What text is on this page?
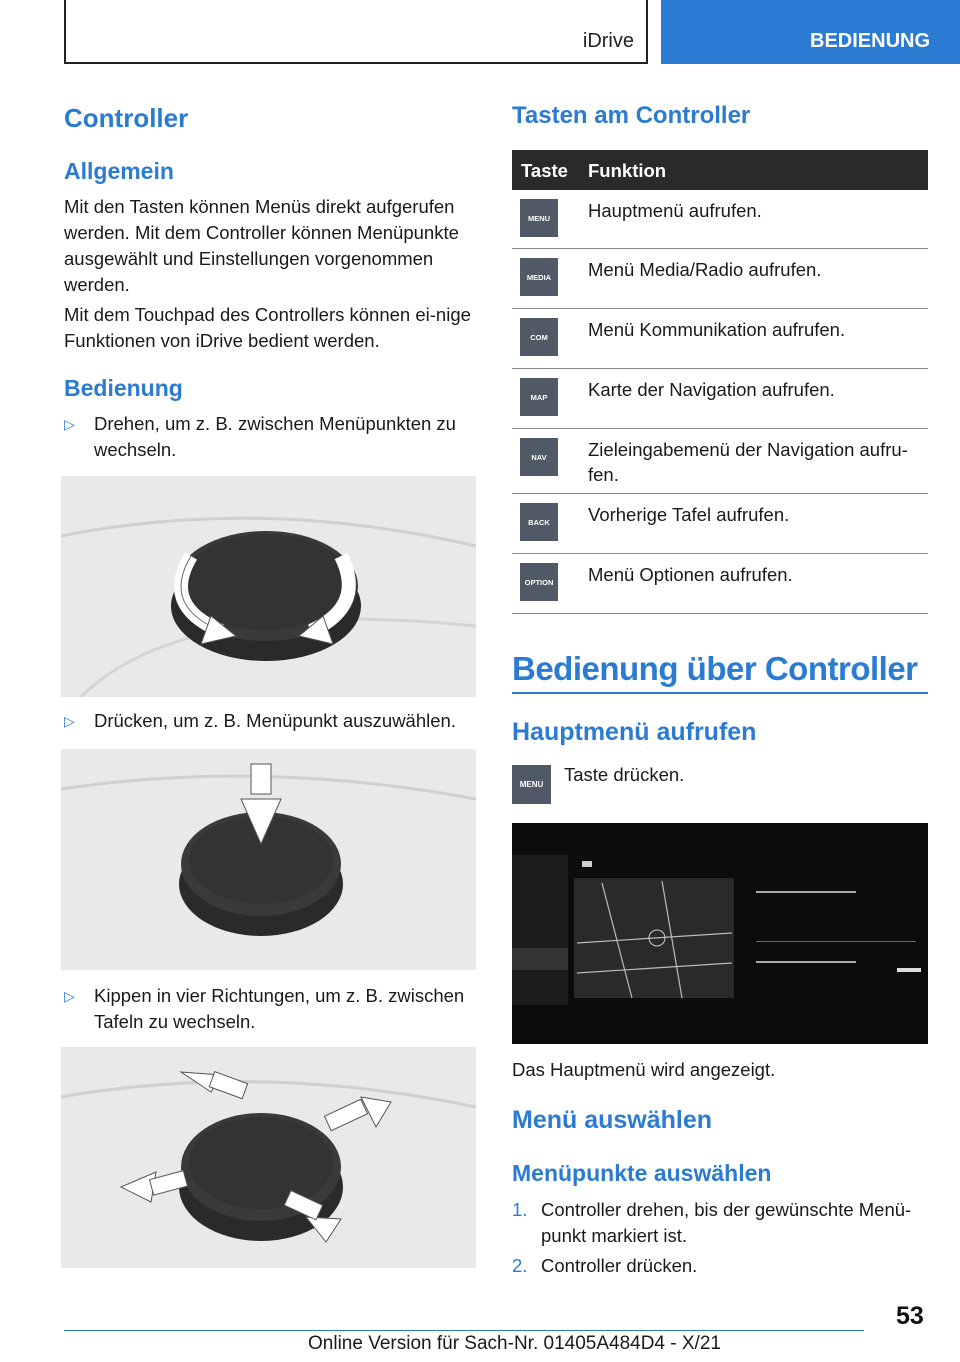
iDrive	BEDIENUNG
Controller
Allgemein
Mit den Tasten können Menüs direkt aufgerufen werden. Mit dem Controller können Menüpunkte ausgewählt und Einstellungen vorgenommen werden.
Mit dem Touchpad des Controllers können ei‐nige Funktionen von iDrive bedient werden.
Bedienung
▷ Drehen, um z. B. zwischen Menüpunkten zu wechseln.
▷ Drücken, um z. B. Menüpunkt auszuwählen.
▷ Kippen in vier Richtungen, um z. B. zwischen Tafeln zu wechseln.
Tasten am Controller
Taste Funktion
MENU	Hauptmenü aufrufen.
MEDIA	Menü Media/Radio aufrufen.
COM	Menü Kommunikation aufrufen.
MAP	Karte der Navigation aufrufen.
NAV	Zieleingabemenü der Navigation aufru‐fen.
BACK	Vorherige Tafel aufrufen.
OPTION Menü Optionen aufrufen.
Bedienung über Controller
Hauptmenü aufrufen
MENU	Taste drücken.
Das Hauptmenü wird angezeigt.
Menü auswählen
Menüpunkte auswählen
1. Controller drehen, bis der gewünschte Menü‐punkt markiert ist.
2. Controller drücken.
53
Online Version für Sach-Nr. 01405A484D4 - X/21
